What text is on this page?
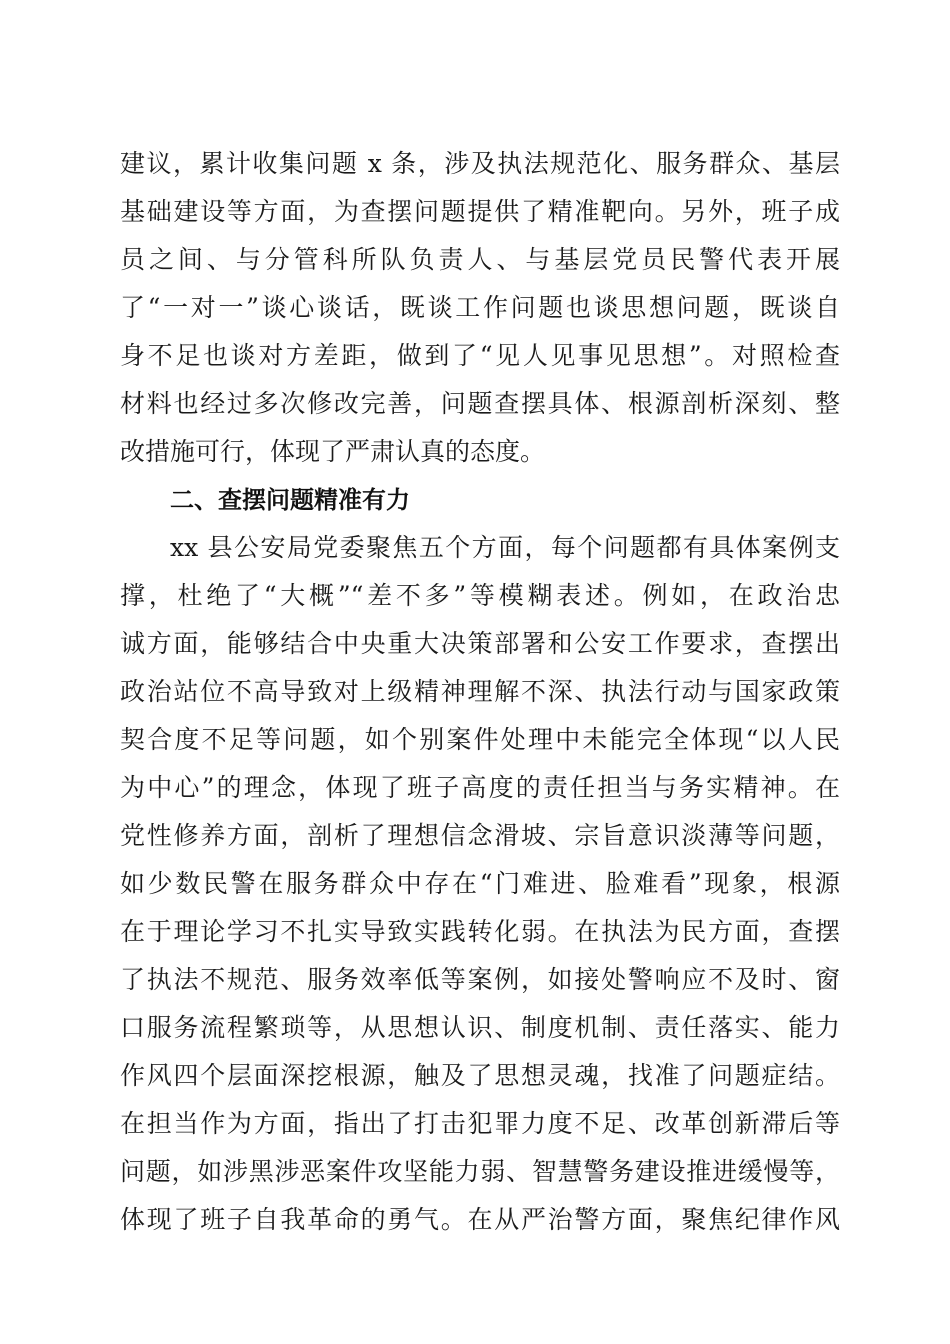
建议，累计收集问题 x 条，涉及执法规范化、服务群众、基层
基础建设等方面，为查摆问题提供了精准靶向。另外，班子成
员之间、与分管科所队负责人、与基层党员民警代表开展
了“一对一”谈心谈话，既谈工作问题也谈思想问题，既谈自
身不足也谈对方差距，做到了“见人见事见思想”。对照检查
材料也经过多次修改完善，问题查摆具体、根源剖析深刻、整
改措施可行，体现了严肃认真的态度。
二、查摆问题精准有力
xx 县公安局党委聚焦五个方面，每个问题都有具体案例支
撑，杜绝了“大概”“差不多”等模糊表述。例如，在政治忠
诚方面，能够结合中央重大决策部署和公安工作要求，查摆出
政治站位不高导致对上级精神理解不深、执法行动与国家政策
契合度不足等问题，如个别案件处理中未能完全体现“以人民
为中心”的理念，体现了班子高度的责任担当与务实精神。在
党性修养方面，剖析了理想信念滑坡、宗旨意识淡薄等问题，
如少数民警在服务群众中存在“门难进、脸难看”现象，根源
在于理论学习不扎实导致实践转化弱。在执法为民方面，查摆
了执法不规范、服务效率低等案例，如接处警响应不及时、窗
口服务流程繁琐等，从思想认识、制度机制、责任落实、能力
作风四个层面深挖根源，触及了思想灵魂，找准了问题症结。
在担当作为方面，指出了打击犯罪力度不足、改革创新滞后等
问题，如涉黑涉恶案件攻坚能力弱、智慧警务建设推进缓慢等，
体现了班子自我革命的勇气。在从严治警方面，聚焦纪律作风
